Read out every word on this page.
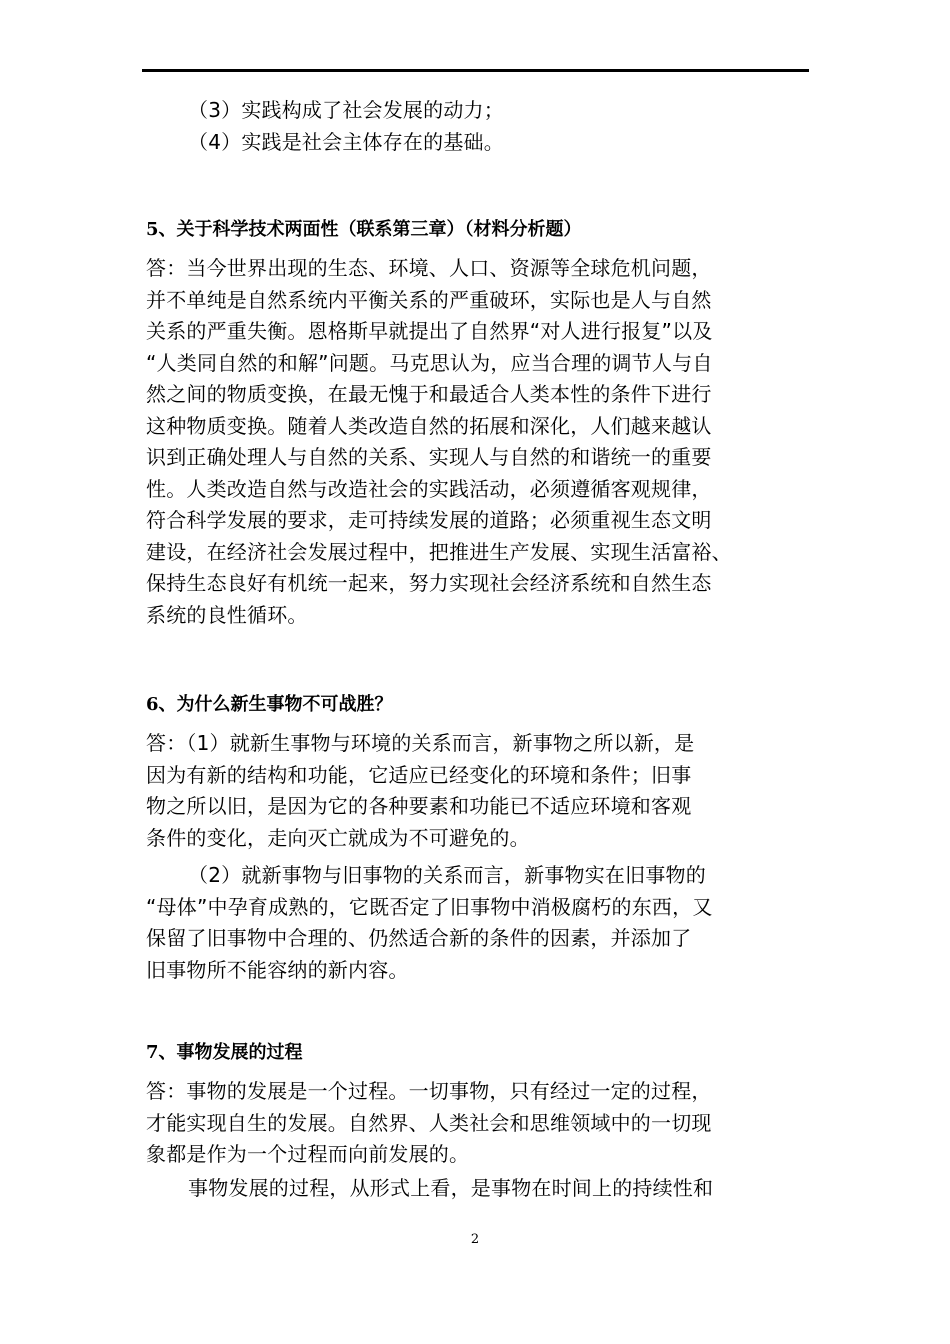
（3）实践构成了社会发展的动力；
（4）实践是社会主体存在的基础。
5、关于科学技术两面性（联系第三章）（材料分析题）
答：当今世界出现的生态、环境、人口、资源等全球危机问题，
并不单纯是自然系统内平衡关系的严重破环，实际也是人与自然
关系的严重失衡。恩格斯早就提出了自然界“对人进行报复”以及
“人类同自然的和解”问题。马克思认为，应当合理的调节人与自
然之间的物质变换，在最无愧于和最适合人类本性的条件下进行
这种物质变换。随着人类改造自然的拓展和深化，人们越来越认
识到正确处理人与自然的关系、实现人与自然的和谐统一的重要
性。人类改造自然与改造社会的实践活动，必须遵循客观规律，
符合科学发展的要求，走可持续发展的道路；必须重视生态文明
建设，在经济社会发展过程中，把推进生产发展、实现生活富裕、
保持生态良好有机统一起来，努力实现社会经济系统和自然生态
系统的良性循环。
6、为什么新生事物不可战胜？
答：（1）就新生事物与环境的关系而言，新事物之所以新，是
因为有新的结构和功能，它适应已经变化的环境和条件；旧事
物之所以旧，是因为它的各种要素和功能已不适应环境和客观
条件的变化，走向灭亡就成为不可避免的。
（2）就新事物与旧事物的关系而言，新事物实在旧事物的
“母体”中孕育成熟的，它既否定了旧事物中消极腐朽的东西，又
保留了旧事物中合理的、仍然适合新的条件的因素，并添加了
旧事物所不能容纳的新内容。
7、事物发展的过程
答：事物的发展是一个过程。一切事物，只有经过一定的过程，
才能实现自生的发展。自然界、人类社会和思维领域中的一切现
象都是作为一个过程而向前发展的。
事物发展的过程，从形式上看，是事物在时间上的持续性和
2
